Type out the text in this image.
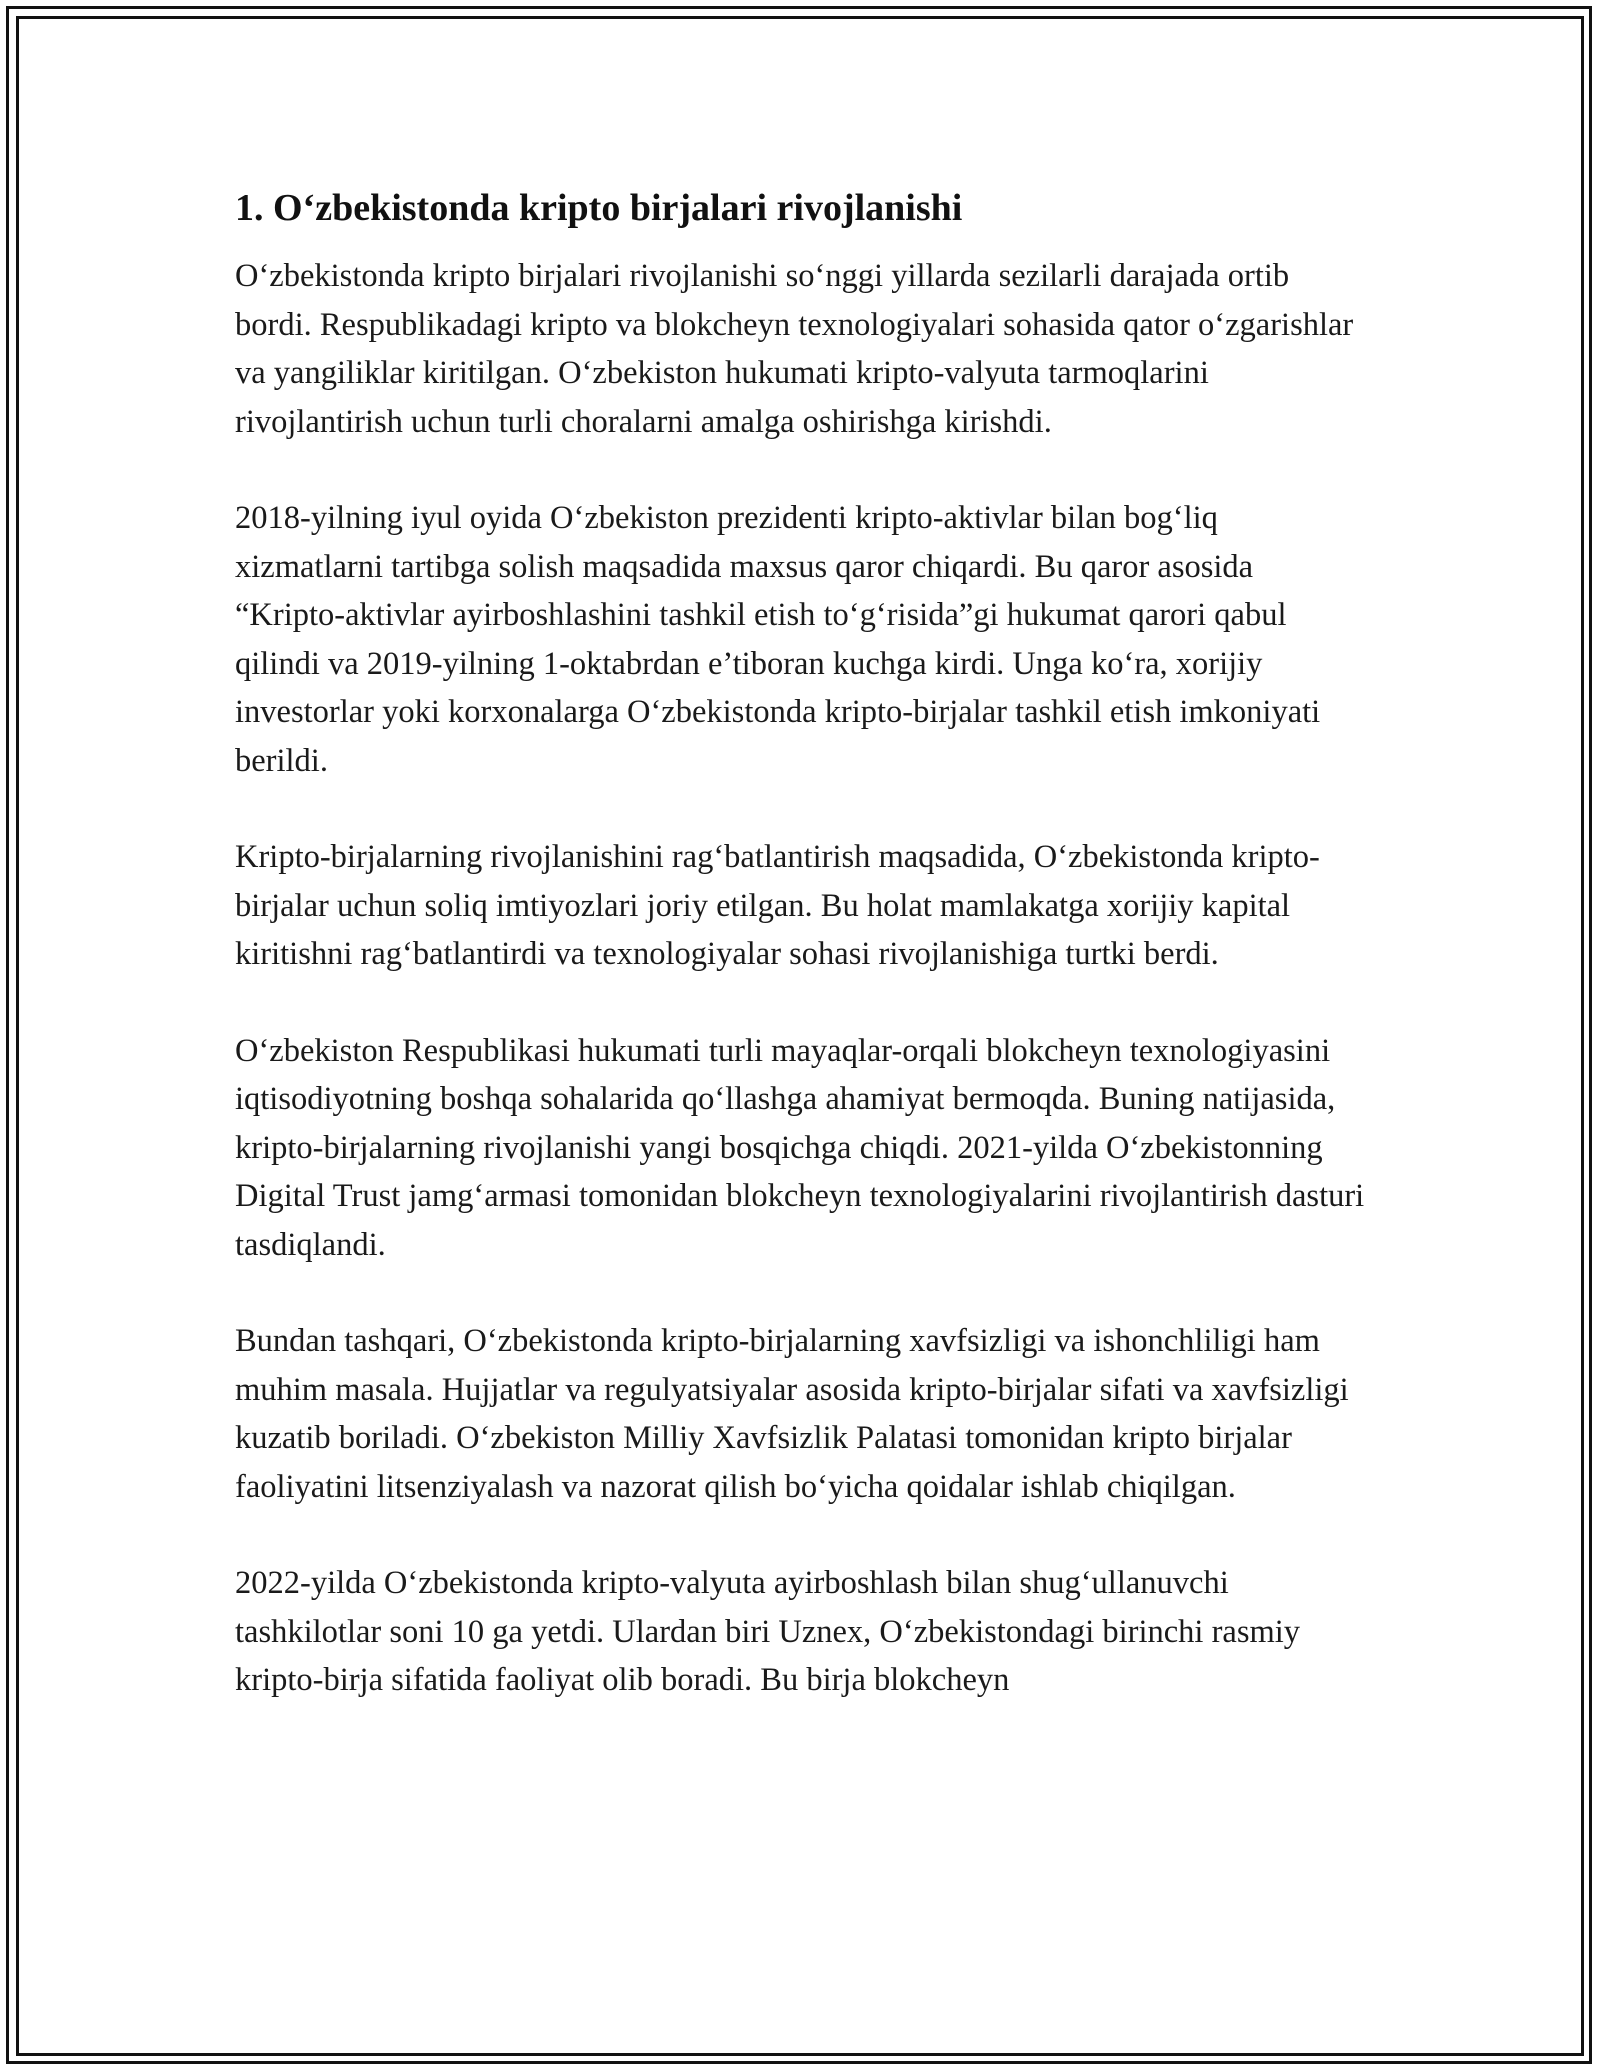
1. O‘zbekistonda kripto birjalari rivojlanishi

O‘zbekistonda kripto birjalari rivojlanishi so‘nggi yillarda sezilarli darajada ortib bordi. Respublikadagi kripto va blokcheyn texnologiyalari sohasida qator o‘zgarishlar va yangiliklar kiritilgan. O‘zbekiston hukumati kripto-valyuta tarmoqlarini rivojlantirish uchun turli choralarni amalga oshirishga kirishdi.

2018-yilning iyul oyida O‘zbekiston prezidenti kripto-aktivlar bilan bog‘liq xizmatlarni tartibga solish maqsadida maxsus qaror chiqardi. Bu qaror asosida “Kripto-aktivlar ayirboshlashini tashkil etish to‘g‘risida”gi hukumat qarori qabul qilindi va 2019-yilning 1-oktabrdan e’tiboran kuchga kirdi. Unga ko‘ra, xorijiy investorlar yoki korxonalarga O‘zbekistonda kripto-birjalar tashkil etish imkoniyati berildi.

Kripto-birjalarning rivojlanishini rag‘batlantirish maqsadida, O‘zbekistonda kripto-birjalar uchun soliq imtiyozlari joriy etilgan. Bu holat mamlakatga xorijiy kapital kiritishni rag‘batlantirdi va texnologiyalar sohasi rivojlanishiga turtki berdi.

O‘zbekiston Respublikasi hukumati turli mayaqlar-orqali blokcheyn texnologiyasini iqtisodiyotning boshqa sohalarida qo‘llashga ahamiyat bermoqda. Buning natijasida, kripto-birjalarning rivojlanishi yangi bosqichga chiqdi. 2021-yilda O‘zbekistonning Digital Trust jamg‘armasi tomonidan blokcheyn texnologiyalarini rivojlantirish dasturi tasdiqlandi.

Bundan tashqari, O‘zbekistonda kripto-birjalarning xavfsizligi va ishonchliligi ham muhim masala. Hujjatlar va regulyatsiyalar asosida kripto-birjalar sifati va xavfsizligi kuzatib boriladi. O‘zbekiston Milliy Xavfsizlik Palatasi tomonidan kripto birjalar faoliyatini litsenziyalash va nazorat qilish bo‘yicha qoidalar ishlab chiqilgan.

2022-yilda O‘zbekistonda kripto-valyuta ayirboshlash bilan shug‘ullanuvchi tashkilotlar soni 10 ga yetdi. Ulardan biri Uznex, O‘zbekistondagi birinchi rasmiy kripto-birja sifatida faoliyat olib boradi. Bu birja blokcheyn
